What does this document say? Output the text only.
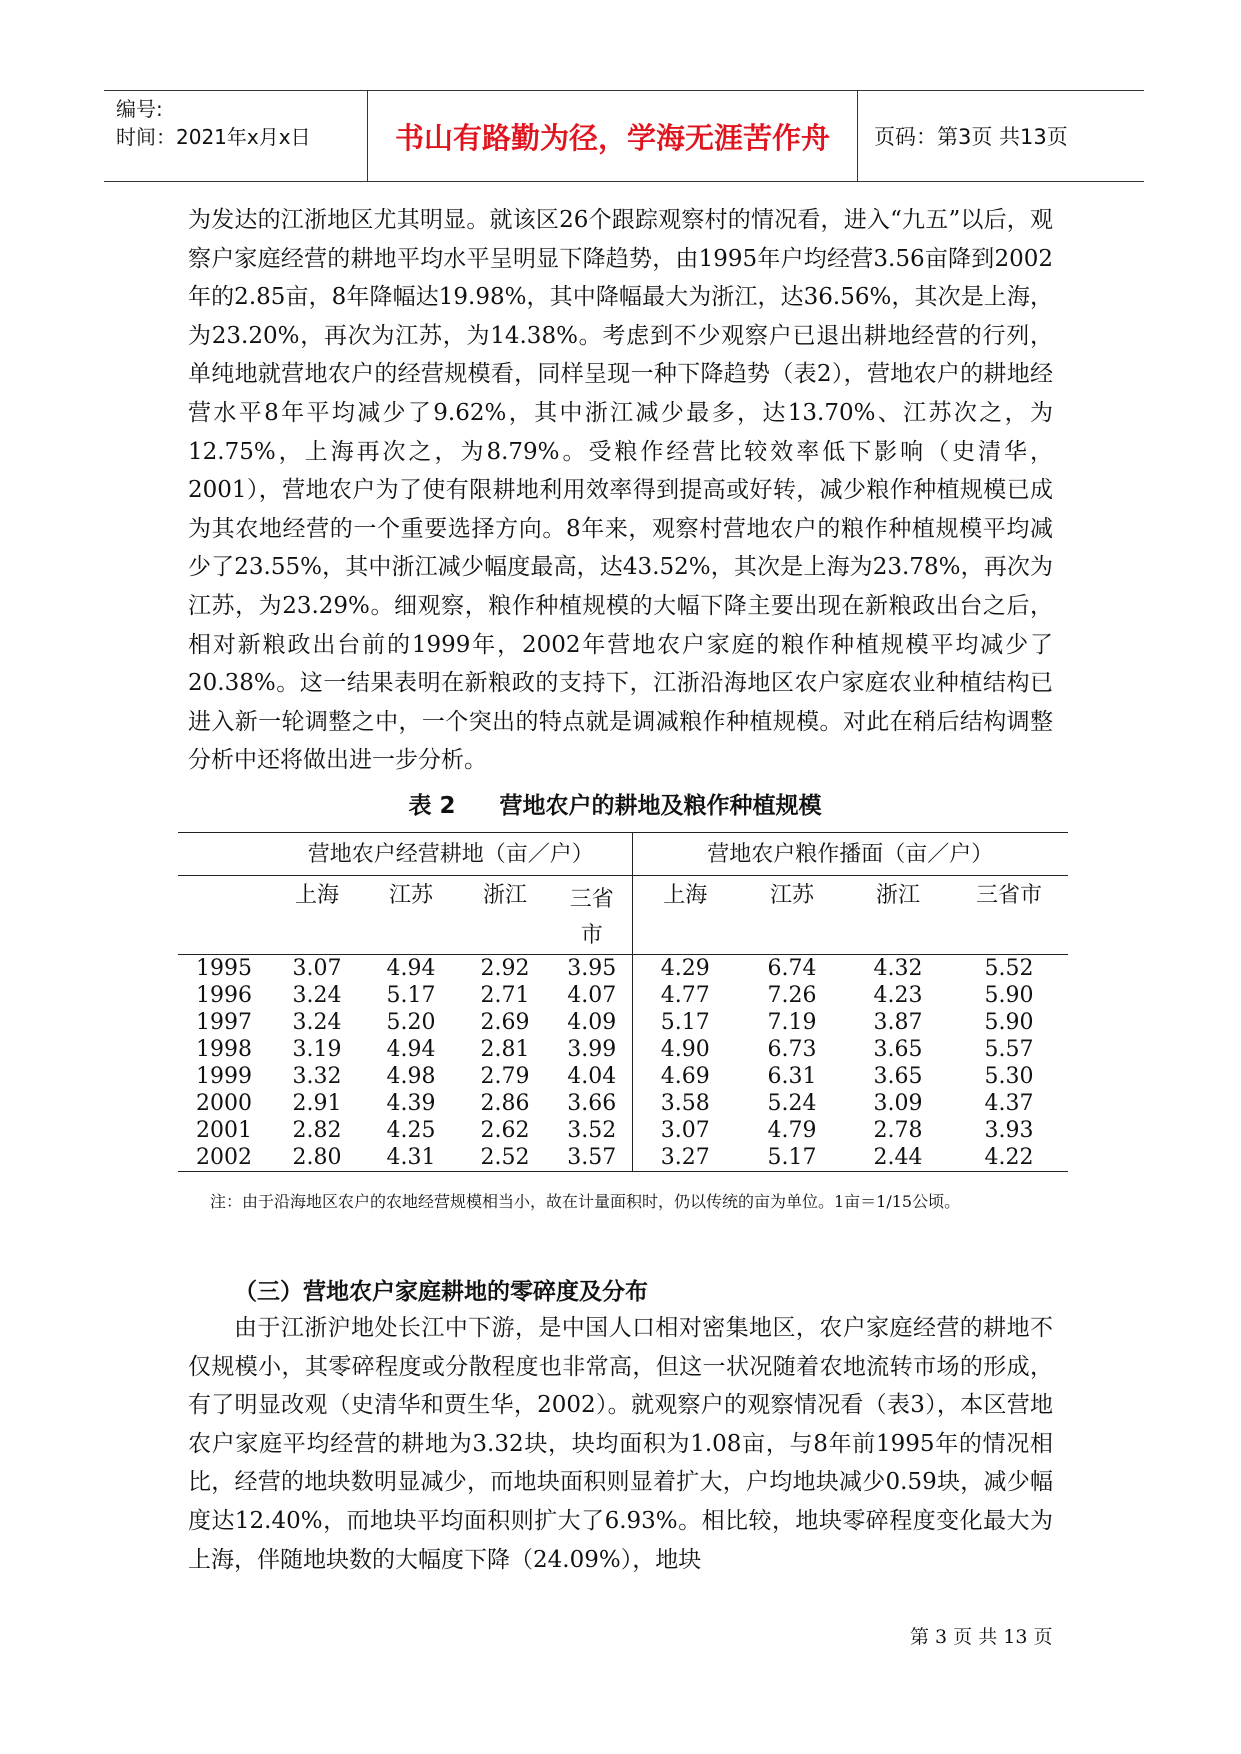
编号:
时间：2021年x月x日	书山有路勤为径，学海无涯苦作舟	页码：第3页 共13页

为发达的江浙地区尤其明显。就该区26个跟踪观察村的情况看，进入“九五”以后，观察户家庭经营的耕地平均水平呈明显下降趋势，由1995年户均经营3.56亩降到2002年的2.85亩，8年降幅达19.98%，其中降幅最大为浙江，达36.56%，其次是上海，为23.20%，再次为江苏，为14.38%。考虑到不少观察户已退出耕地经营的行列，单纯地就营地农户的经营规模看，同样呈现一种下降趋势（表2），营地农户的耕地经营水平8年平均减少了9.62%，其中浙江减少最多，达13.70%、江苏次之，为12.75%，上海再次之，为8.79%。受粮作经营比较效率低下影响（史清华，2001），营地农户为了使有限耕地利用效率得到提高或好转，减少粮作种植规模已成为其农地经营的一个重要选择方向。8年来，观察村营地农户的粮作种植规模平均减少了23.55%，其中浙江减少幅度最高，达43.52%，其次是上海为23.78%，再次为江苏，为23.29%。细观察，粮作种植规模的大幅下降主要出现在新粮政出台之后，相对新粮政出台前的1999年，2002年营地农户家庭的粮作种植规模平均减少了20.38%。这一结果表明在新粮政的支持下，江浙沿海地区农户家庭农业种植结构已进入新一轮调整之中，一个突出的特点就是调减粮作种植规模。对此在稍后结构调整分析中还将做出进一步分析。

表 2 营地农户的耕地及粮作种植规模
	营地农户经营耕地（亩／户）				营地农户粮作播面（亩／户）			
	上海	江苏	浙江	三省市	上海	江苏	浙江	三省市
1995	3.07	4.94	2.92	3.95	4.29	6.74	4.32	5.52
1996	3.24	5.17	2.71	4.07	4.77	7.26	4.23	5.90
1997	3.24	5.20	2.69	4.09	5.17	7.19	3.87	5.90
1998	3.19	4.94	2.81	3.99	4.90	6.73	3.65	5.57
1999	3.32	4.98	2.79	4.04	4.69	6.31	3.65	5.30
2000	2.91	4.39	2.86	3.66	3.58	5.24	3.09	4.37
2001	2.82	4.25	2.62	3.52	3.07	4.79	2.78	3.93
2002	2.80	4.31	2.52	3.57	3.27	5.17	2.44	4.22
注：由于沿海地区农户的农地经营规模相当小，故在计量面积时，仍以传统的亩为单位。1亩＝1/15公顷。
（三）营地农户家庭耕地的零碎度及分布

由于江浙沪地处长江中下游，是中国人口相对密集地区，农户家庭经营的耕地不仅规模小，其零碎程度或分散程度也非常高，但这一状况随着农地流转市场的形成，有了明显改观（史清华和贾生华，2002）。就观察户的观察情况看（表3），本区营地农户家庭平均经营的耕地为3.32块，块均面积为1.08亩，与8年前1995年的情况相比，经营的地块数明显减少，而地块面积则显着扩大，户均地块减少0.59块，减少幅度达12.40%，而地块平均面积则扩大了6.93%。相比较，地块零碎程度变化最大为上海，伴随地块数的大幅度下降（24.09%），地块

第 3 页 共 13 页
